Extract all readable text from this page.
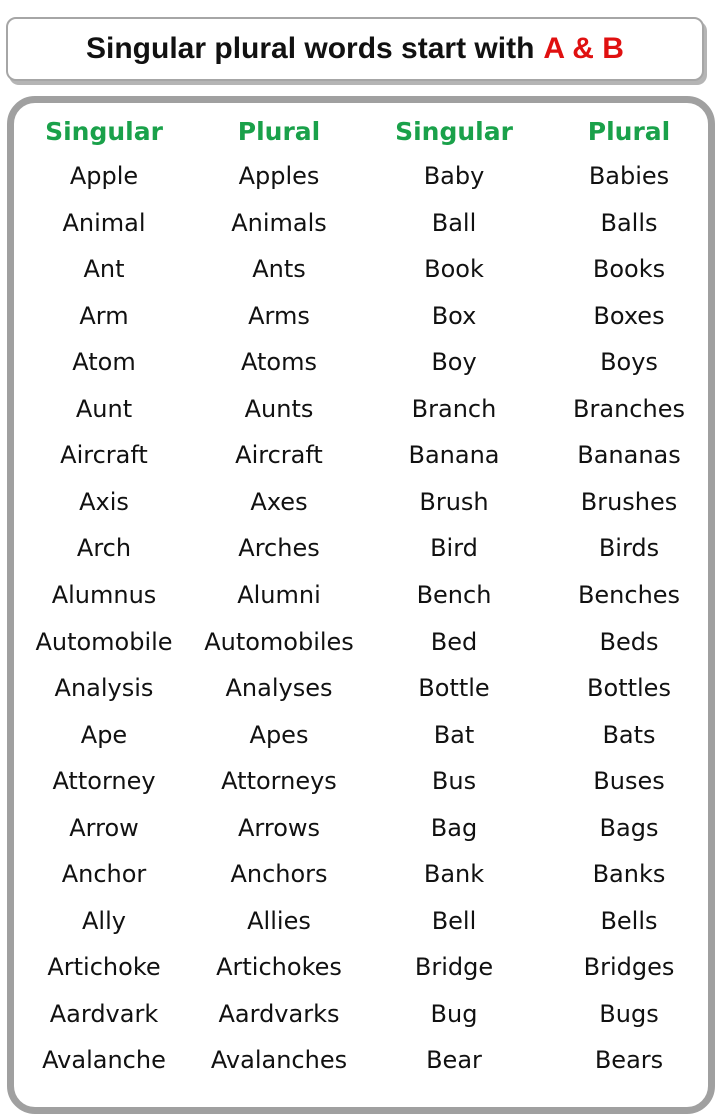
Singular plural words start with A & B
Singular
Apple
Animal
Ant
Arm
Atom
Aunt
Aircraft
Axis
Arch
Alumnus
Automobile
Analysis
Ape
Attorney
Arrow
Anchor
Ally
Artichoke
Aardvark
Avalanche
Plural
Apples
Animals
Ants
Arms
Atoms
Aunts
Aircraft
Axes
Arches
Alumni
Automobiles
Analyses
Apes
Attorneys
Arrows
Anchors
Allies
Artichokes
Aardvarks
Avalanches
Singular
Baby
Ball
Book
Box
Boy
Branch
Banana
Brush
Bird
Bench
Bed
Bottle
Bat
Bus
Bag
Bank
Bell
Bridge
Bug
Bear
Plural
Babies
Balls
Books
Boxes
Boys
Branches
Bananas
Brushes
Birds
Benches
Beds
Bottles
Bats
Buses
Bags
Banks
Bells
Bridges
Bugs
Bears
